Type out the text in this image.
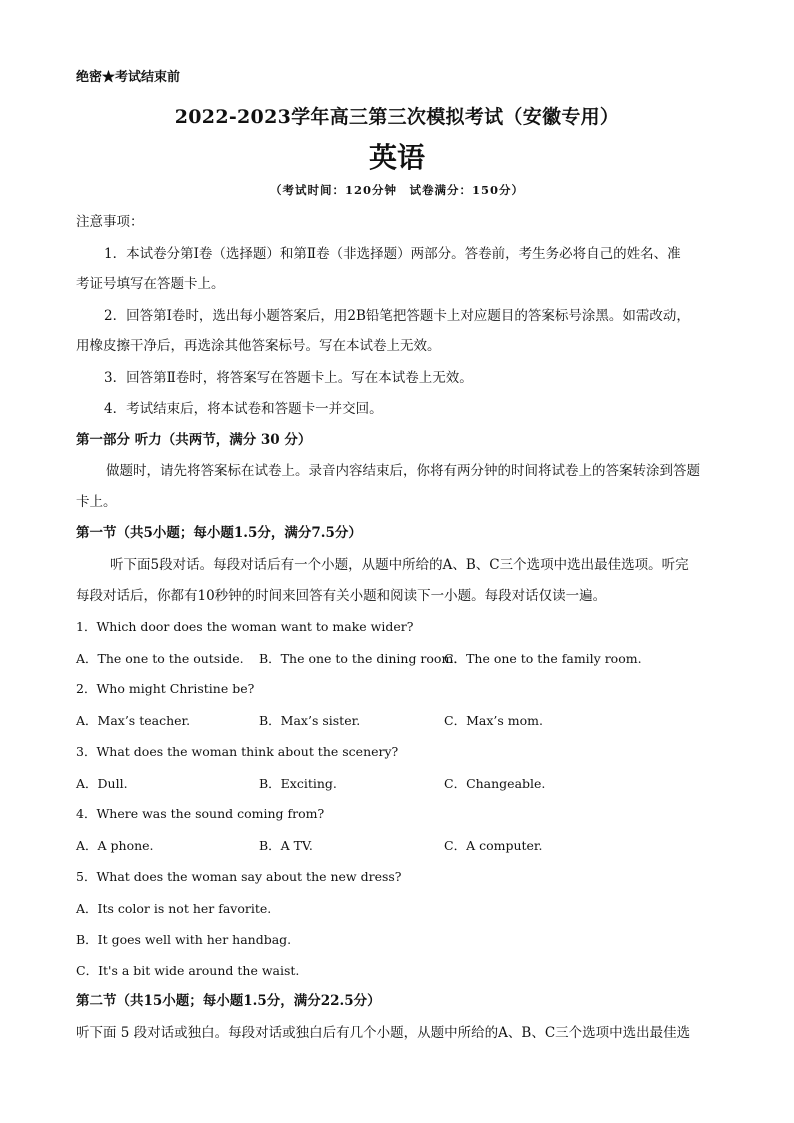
绝密★考试结束前
2022-2023学年高三第三次模拟考试（安徽专用）
英语
（考试时间：120分钟　试卷满分：150分）
注意事项：
1．本试卷分第Ⅰ卷（选择题）和第Ⅱ卷（非选择题）两部分。答卷前，考生务必将自己的姓名、准
考证号填写在答题卡上。
2．回答第Ⅰ卷时，选出每小题答案后，用2B铅笔把答题卡上对应题目的答案标号涂黑。如需改动，
用橡皮擦干净后，再选涂其他答案标号。写在本试卷上无效。
3．回答第Ⅱ卷时，将答案写在答题卡上。写在本试卷上无效。
4．考试结束后，将本试卷和答题卡一并交回。
第一部分 听力（共两节，满分 30 分）
做题时，请先将答案标在试卷上。录音内容结束后，你将有两分钟的时间将试卷上的答案转涂到答题
卡上。
第一节（共5小题；每小题1.5分，满分7.5分）
听下面5段对话。每段对话后有一个小题，从题中所给的A、B、C三个选项中选出最佳选项。听完
每段对话后，你都有10秒钟的时间来回答有关小题和阅读下一小题。每段对话仅读一遍。
1．Which door does the woman want to make wider?
A．The one to the outside. B．The one to the dining room.
C．The one to the family room.
2．Who might Christine be?
A．Max’s teacher.	B．Max’s sister.	C．Max’s mom.
3．What does the woman think about the scenery?
A．Dull.	B．Exciting.	C．Changeable.
4．Where was the sound coming from?
A．A phone.	B．A TV.	C．A computer.
5．What does the woman say about the new dress?
A．Its color is not her favorite.
B．It goes well with her handbag.
C．It's a bit wide around the waist.
第二节（共15小题；每小题1.5分，满分22.5分）
听下面 5 段对话或独白。每段对话或独白后有几个小题，从题中所给的A、B、C三个选项中选出最佳选
